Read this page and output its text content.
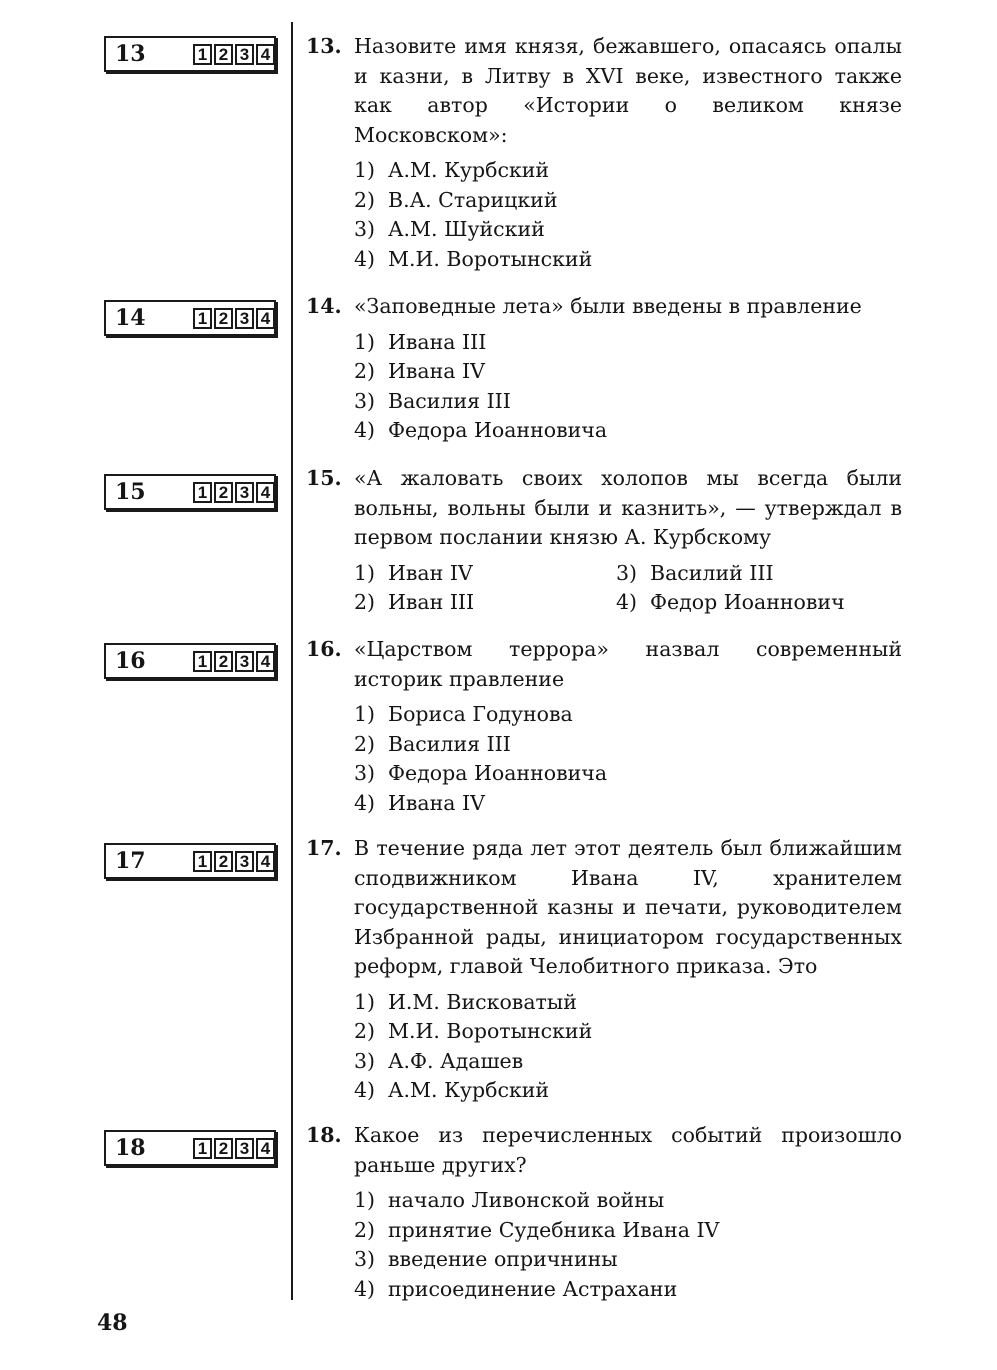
13	1 2 3 4
14	1 2 3 4
15	1 2 3 4
16	1 2 3 4
17	1 2 3 4
18	1 2 3 4
13. Назовите имя князя, бежавшего, опасаясь опалы и казни, в Литву в XVI веке, известного также как автор «Истории о великом князе Московском»:
1) А.М. Курбский
2) В.А. Старицкий
3) А.М. Шуйский
4) М.И. Воротынский
14. «Заповедные лета» были введены в правление
1) Ивана III
2) Ивана IV
3) Василия III
4) Федора Иоанновича
15. «А жаловать своих холопов мы всегда были вольны, вольны были и казнить», — утверждал в первом послании князю А. Курбскому
1) Иван IV	3) Василий III
2) Иван III	4) Федор Иоаннович
16. «Царством террора» назвал современный историк правление
1) Бориса Годунова
2) Василия III
3) Федора Иоанновича
4) Ивана IV
17. В течение ряда лет этот деятель был ближайшим сподвижником Ивана IV, хранителем государственной казны и печати, руководителем Избранной рады, инициатором государственных реформ, главой Челобитного приказа. Это
1) И.М. Висковатый
2) М.И. Воротынский
3) А.Ф. Адашев
4) А.М. Курбский
18. Какое из перечисленных событий произошло раньше других?
1) начало Ливонской войны
2) принятие Судебника Ивана IV
3) введение опричнины
4) присоединение Астрахани
48
